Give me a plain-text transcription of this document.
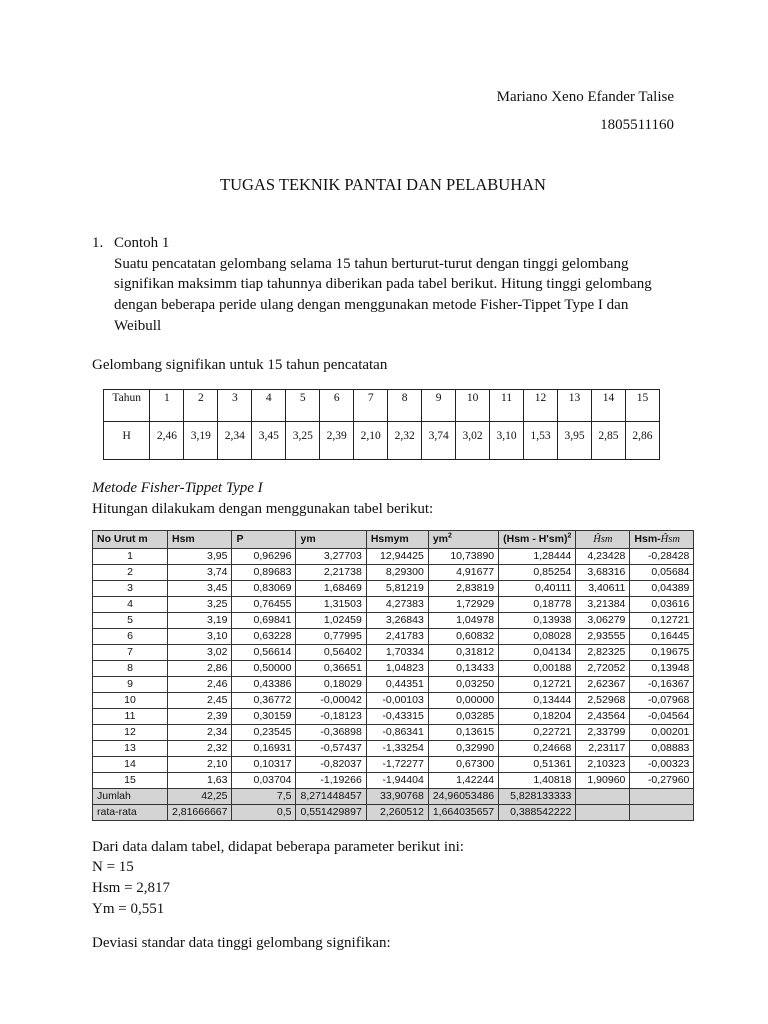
Mariano Xeno Efander Talise
1805511160
TUGAS TEKNIK PANTAI DAN PELABUHAN
1. Contoh 1
Suatu pencatatan gelombang selama 15 tahun berturut-turut dengan tinggi gelombang signifikan maksimm tiap tahunnya diberikan pada tabel berikut. Hitung tinggi gelombang dengan beberapa peride ulang dengan menggunakan metode Fisher-Tippet Type I dan Weibull
Gelombang signifikan untuk 15 tahun pencatatan
Tahun	1	2	3	4	5	6	7	8	9	10	11	12	13	14	15
H	2,46	3,19	2,34	3,45	3,25	2,39	2,10	2,32	3,74	3,02	3,10	1,53	3,95	2,85	2,86
Metode Fisher-Tippet Type I
Hitungan dilakukam dengan menggunakan tabel berikut:
No Urut m	Hsm	P	ym	Hsmym	$ym^2$	(Hsm - H'sm)$^2$	Ĥsm	Hsm-Ĥsm
1	3,95	0,96296	3,27703	12,94425	10,73890	1,28444	4,23428	-0,28428
2	3,74	0,89683	2,21738	8,29300	4,91677	0,85254	3,68316	0,05684
3	3,45	0,83069	1,68469	5,81219	2,83819	0,40111	3,40611	0,04389
4	3,25	0,76455	1,31503	4,27383	1,72929	0,18778	3,21384	0,03616
5	3,19	0,69841	1,02459	3,26843	1,04978	0,13938	3,06279	0,12721
6	3,10	0,63228	0,77995	2,41783	0,60832	0,08028	2,93555	0,16445
7	3,02	0,56614	0,56402	1,70334	0,31812	0,04134	2,82325	0,19675
8	2,86	0,50000	0,36651	1,04823	0,13433	0,00188	2,72052	0,13948
9	2,46	0,43386	0,18029	0,44351	0,03250	0,12721	2,62367	-0,16367
10	2,45	0,36772	-0,00042	-0,00103	0,00000	0,13444	2,52968	-0,07968
11	2,39	0,30159	-0,18123	-0,43315	0,03285	0,18204	2,43564	-0,04564
12	2,34	0,23545	-0,36898	-0,86341	0,13615	0,22721	2,33799	0,00201
13	2,32	0,16931	-0,57437	-1,33254	0,32990	0,24668	2,23117	0,08883
14	2,10	0,10317	-0,82037	-1,72277	0,67300	0,51361	2,10323	-0,00323
15	1,63	0,03704	-1,19266	-1,94404	1,42244	1,40818	1,90960	-0,27960
Jumlah	42,25	7,5	8,271448457	33,90768	24,96053486	5,828133333		
rata-rata	2,81666667	0,5	0,551429897	2,260512	1,664035657	0,388542222		
Dari data dalam tabel, didapat beberapa parameter berikut ini:
N = 15
Hsm = 2,817
Ym = 0,551
Deviasi standar data tinggi gelombang signifikan:
